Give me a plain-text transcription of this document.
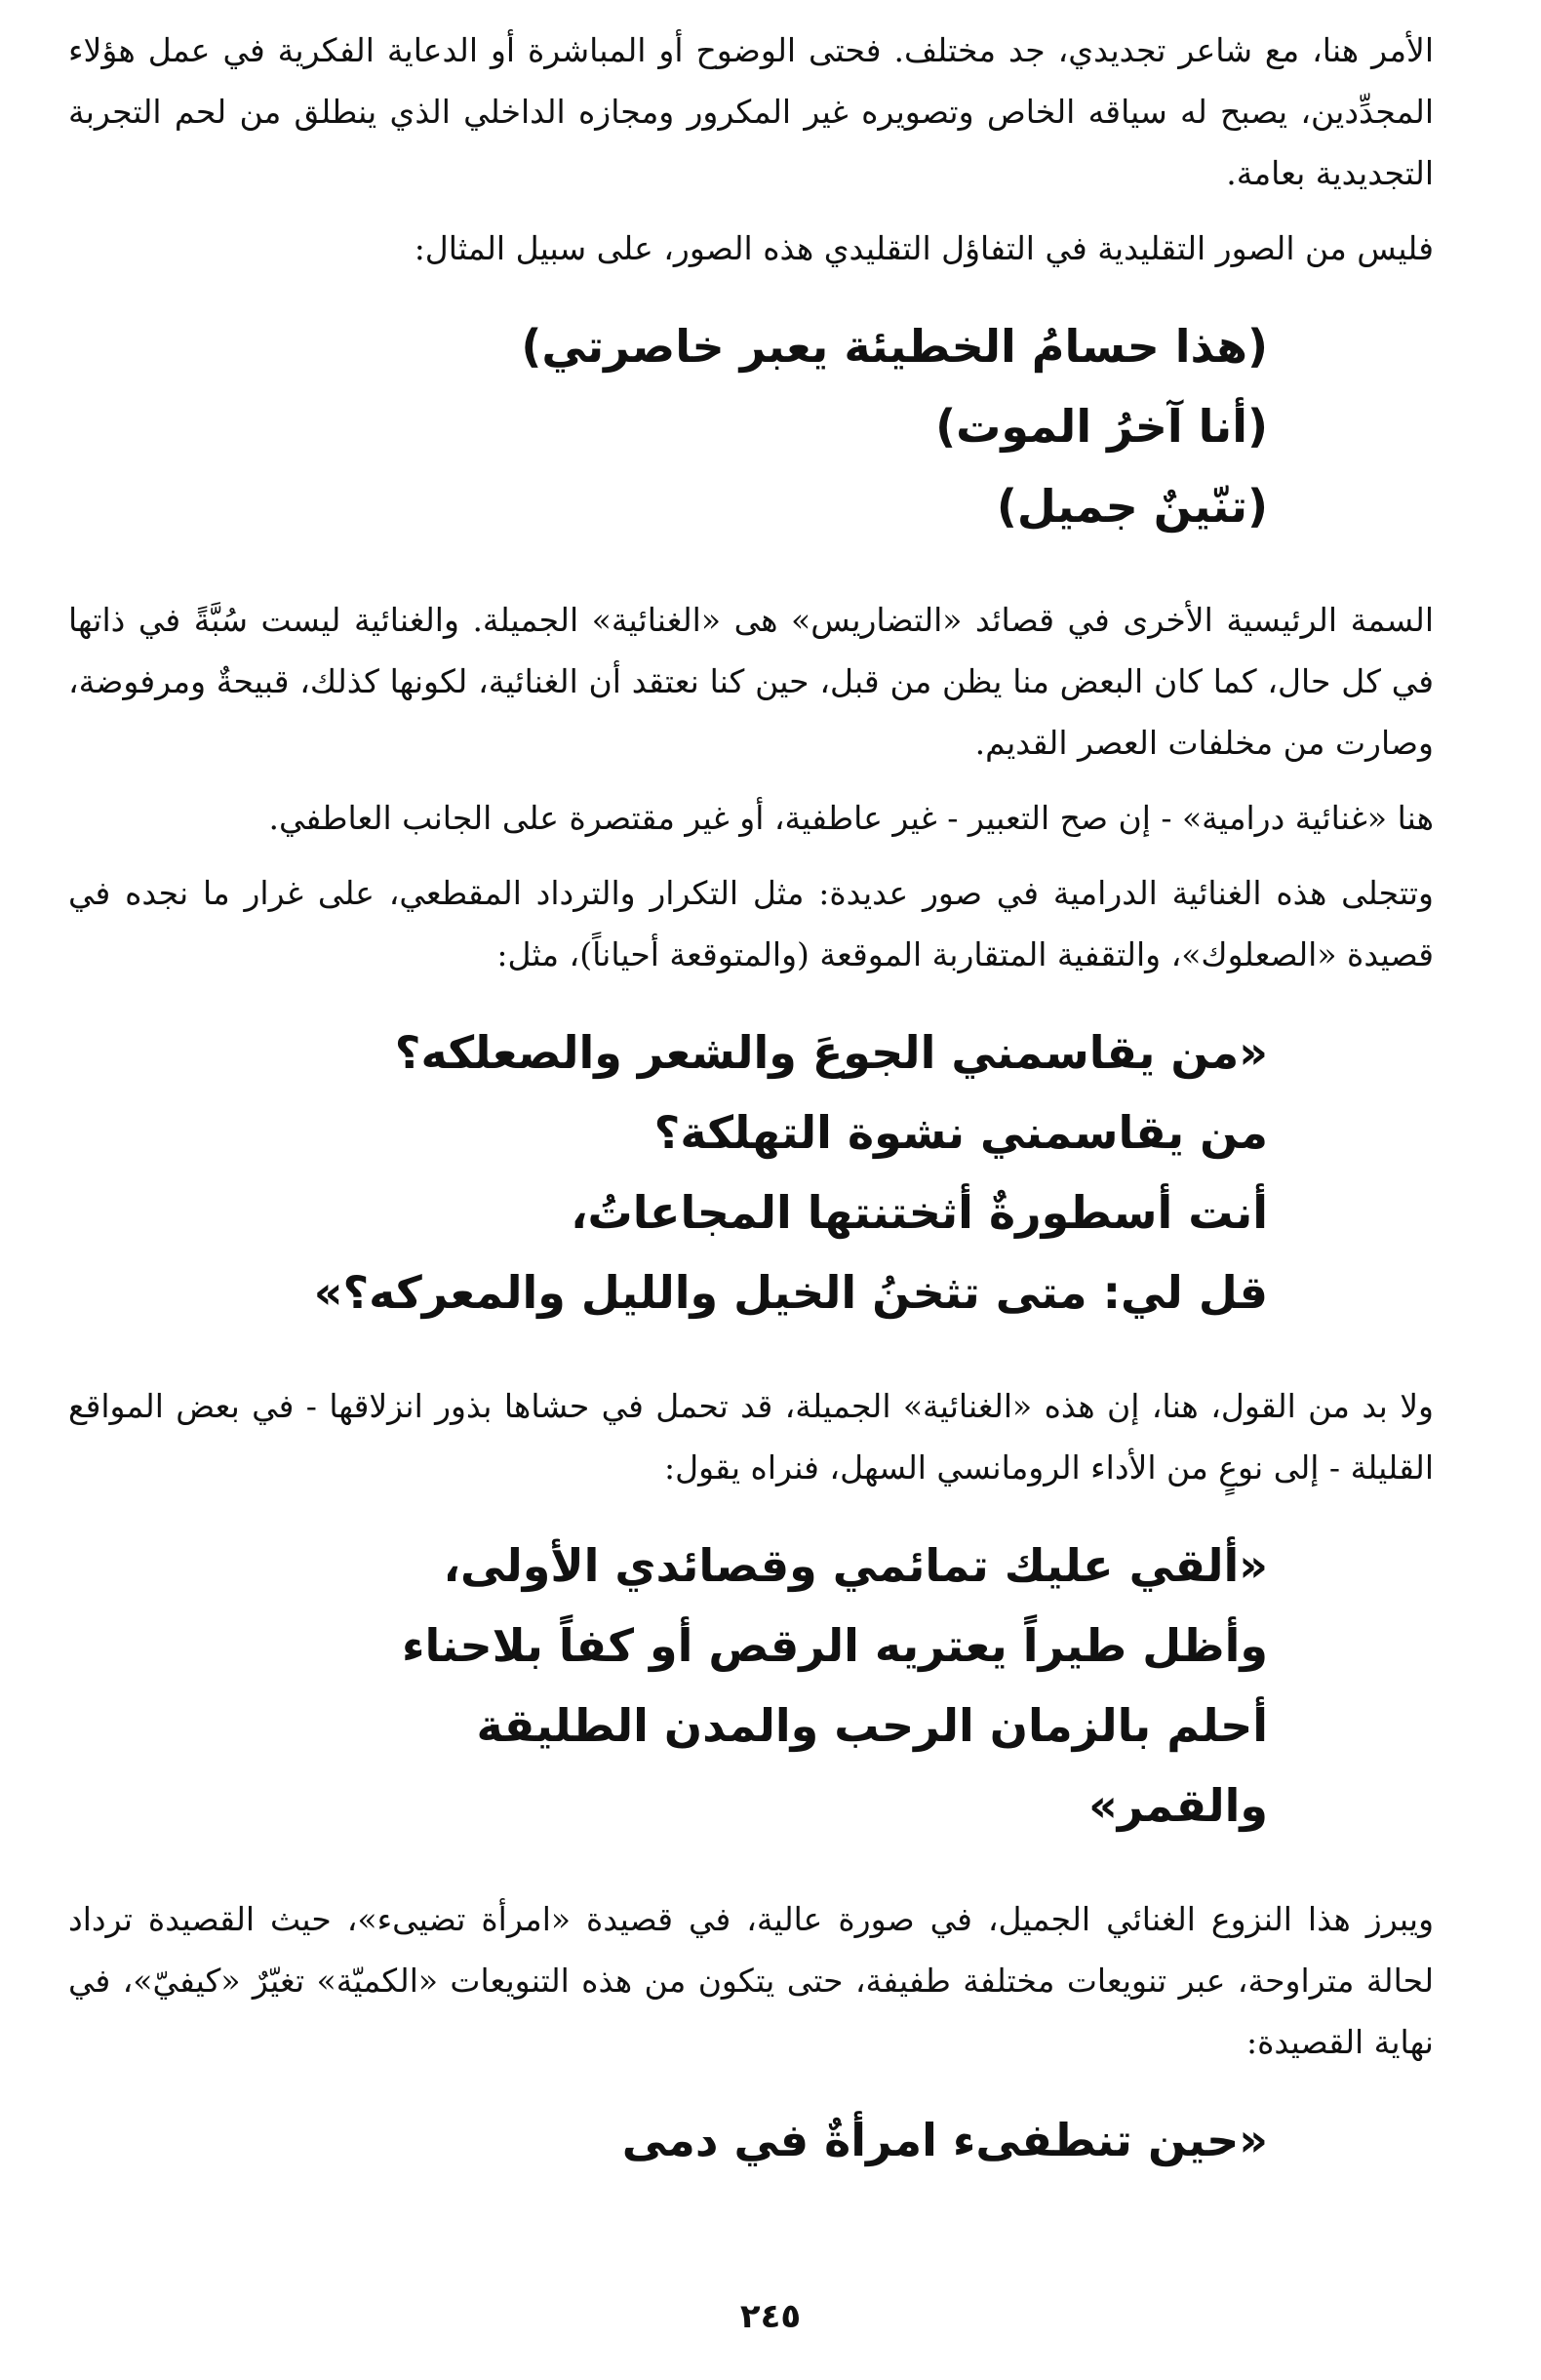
الأمر هنا، مع شاعر تجديدي، جد مختلف. فحتى الوضوح أو المباشرة أو الدعاية الفكرية في عمل هؤلاء المجدِّدين، يصبح له سياقه الخاص وتصويره غير المكرور ومجازه الداخلي الذي ينطلق من لحم التجربة التجديدية بعامة.

فليس من الصور التقليدية في التفاؤل التقليدي هذه الصور، على سبيل المثال:

(هذا حسامُ الخطيئة يعبر خاصرتي)
(أنا آخرُ الموت)
(تنّينٌ جميل)

السمة الرئيسية الأخرى في قصائد «التضاريس» هى «الغنائية» الجميلة. والغنائية ليست سُبَّةً في ذاتها في كل حال، كما كان البعض منا يظن من قبل، حين كنا نعتقد أن الغنائية، لكونها كذلك، قبيحةٌ ومرفوضة، وصارت من مخلفات العصر القديم.

هنا «غنائية درامية» - إن صح التعبير - غير عاطفية، أو غير مقتصرة على الجانب العاطفي.

وتتجلى هذه الغنائية الدرامية في صور عديدة: مثل التكرار والترداد المقطعي، على غرار ما نجده في قصيدة «الصعلوك»، والتقفية المتقاربة الموقعة (والمتوقعة أحياناً)، مثل:

«من يقاسمني الجوعَ والشعر والصعلكه؟
من يقاسمني نشوة التهلكة؟
أنت أسطورةٌ أثختنتها المجاعاتُ،
قل لي: متى تثخنُ الخيل والليل والمعركه؟»

ولا بد من القول، هنا، إن هذه «الغنائية» الجميلة، قد تحمل في حشاها بذور انزلاقها - في بعض المواقع القليلة - إلى نوعٍ من الأداء الرومانسي السهل، فنراه يقول:

«ألقي عليك تمائمي وقصائدي الأولى،
وأظل طيراً يعتريه الرقص أو كفاً بلاحناء
أحلم بالزمان الرحب والمدن الطليقة
والقمر»

ويبرز هذا النزوع الغنائي الجميل، في صورة عالية، في قصيدة «امرأة تضيىء»، حيث القصيدة ترداد لحالة متراوحة، عبر تنويعات مختلفة طفيفة، حتى يتكون من هذه التنويعات «الكميّة» تغيّرٌ «كيفيّ»، في نهاية القصيدة:

«حين تنطفىء امرأةٌ في دمى
٢٤٥
